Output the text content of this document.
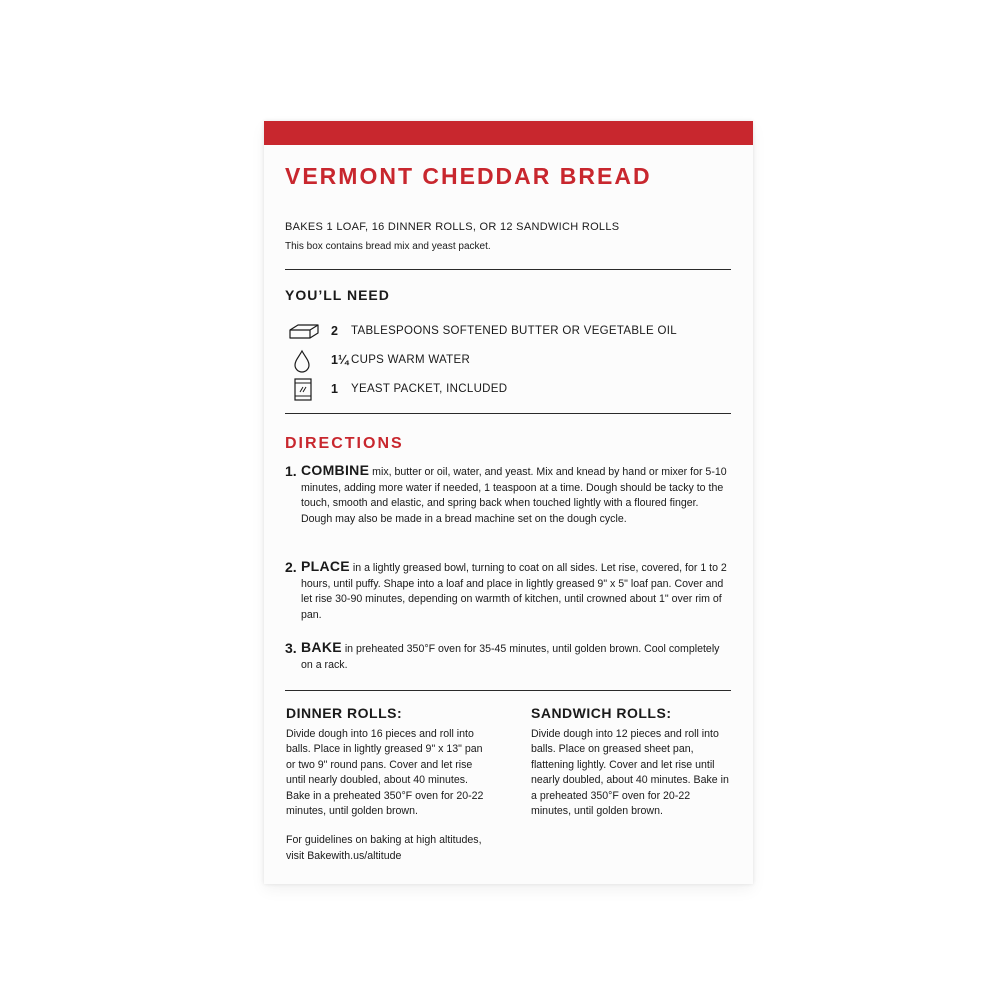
VERMONT CHEDDAR BREAD
BAKES 1 LOAF, 16 DINNER ROLLS, OR 12 SANDWICH ROLLS
This box contains bread mix and yeast packet.
YOU’LL NEED
2 TABLESPOONS SOFTENED BUTTER OR VEGETABLE OIL
1¼ CUPS WARM WATER
1 YEAST PACKET, INCLUDED
DIRECTIONS
1. COMBINE mix, butter or oil, water, and yeast. Mix and knead by hand or mixer for 5-10 minutes, adding more water if needed, 1 teaspoon at a time. Dough should be tacky to the touch, smooth and elastic, and spring back when touched lightly with a floured finger. Dough may also be made in a bread machine set on the dough cycle.
2. PLACE in a lightly greased bowl, turning to coat on all sides. Let rise, covered, for 1 to 2 hours, until puffy. Shape into a loaf and place in lightly greased 9" x 5" loaf pan. Cover and let rise 30-90 minutes, depending on warmth of kitchen, until crowned about 1" over rim of pan.
3. BAKE in preheated 350°F oven for 35-45 minutes, until golden brown. Cool completely on a rack.
DINNER ROLLS:
Divide dough into 16 pieces and roll into balls. Place in lightly greased 9" x 13" pan or two 9" round pans. Cover and let rise until nearly doubled, about 40 minutes. Bake in a preheated 350°F oven for 20-22 minutes, until golden brown.
For guidelines on baking at high altitudes, visit Bakewith.us/altitude
SANDWICH ROLLS:
Divide dough into 12 pieces and roll into balls. Place on greased sheet pan, flattening lightly. Cover and let rise until nearly doubled, about 40 minutes. Bake in a preheated 350°F oven for 20-22 minutes, until golden brown.
